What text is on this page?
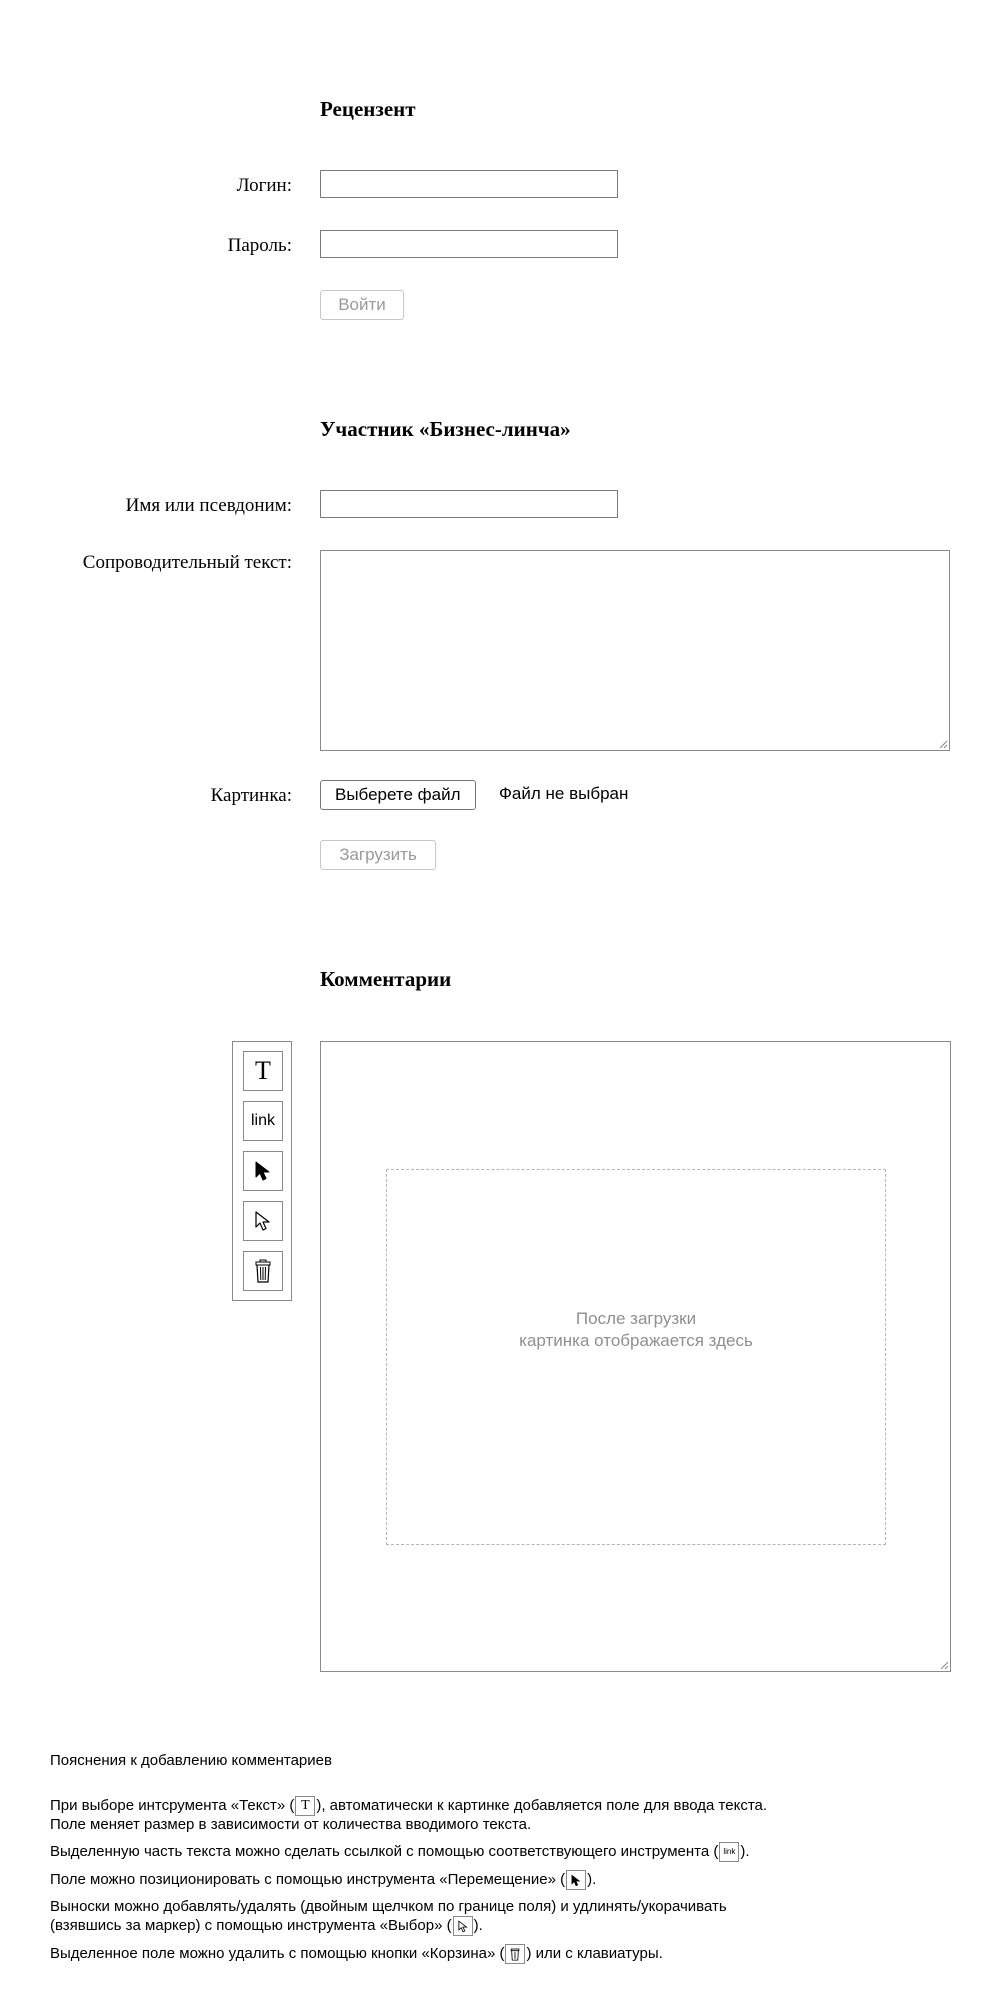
Рецензент
Логин:
Пароль:
Войти
Участник «Бизнес-линча»
Имя или псевдоним:
Сопроводительный текст:
Картинка:	Выберете файл	Файл не выбран
Загрузить
Комментарии
T
link
После загрузки
картинка отображается здесь

Пояснения к добавлению комментариев

При выборе интсрумента «Текст» ( T ), автоматически к картинке добавляется поле для ввода текста.
Поле меняет размер в зависимости от количества вводимого текста.

Выделенную часть текста можно сделать ссылкой с помощью соответствующего инструмента ( link ).

Поле можно позиционировать с помощью инструмента «Перемещение» ( ).

Выноски можно добавлять/удалять (двойным щелчком по границе поля) и удлинять/укорачивать
(взявшись за маркер) с помощью инструмента «Выбор» ( ).

Выделенное поле можно удалить с помощью кнопки «Корзина» ( ) или с клавиатуры.
